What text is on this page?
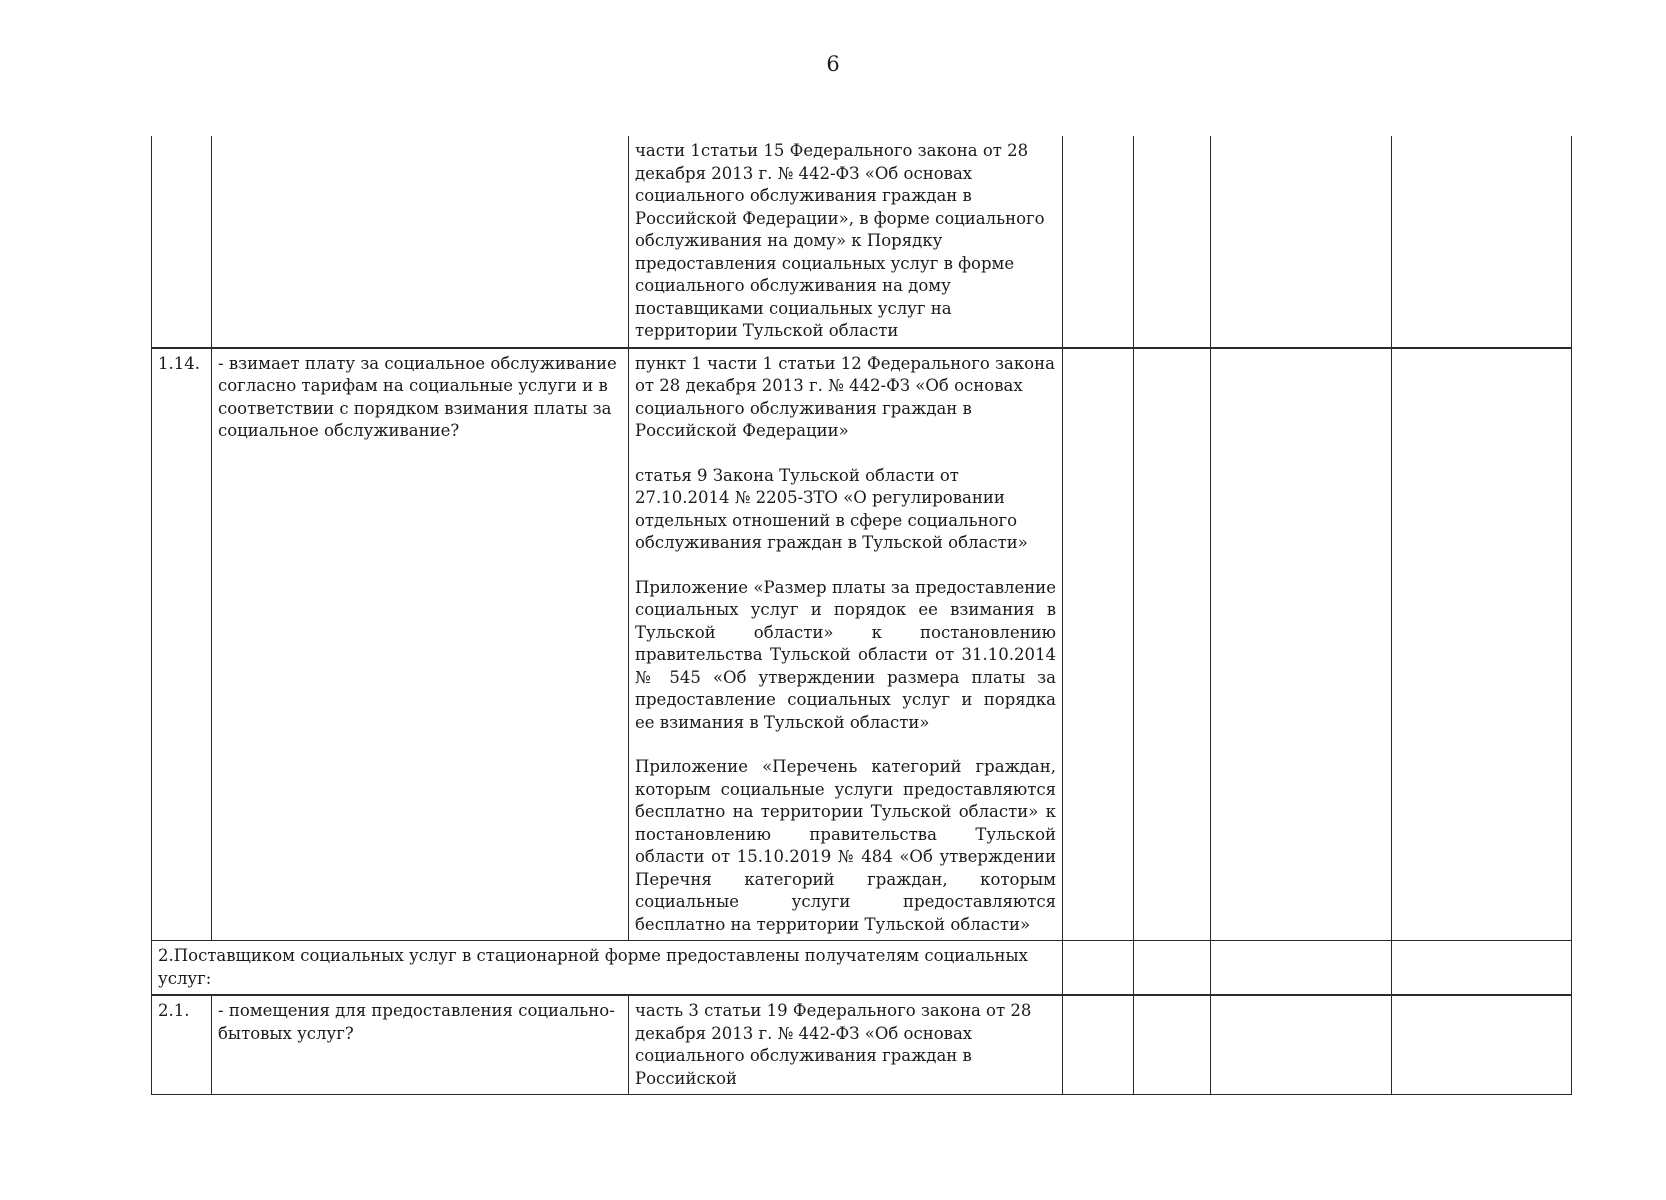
6
		части 1статьи 15 Федерального закона от 28 декабря 2013 г. № 442-ФЗ «Об основах социального обслуживания граждан в Российской Федерации», в форме социального обслуживания на дому» к Порядку предоставления социальных услуг в форме социального обслуживания на дому поставщиками социальных услуг на территории Тульской области				
1.14.	- взимает плату за социальное обслуживание согласно тарифам на социальные услуги и в соответствии с порядком взимания платы за социальное обслуживание?	пункт 1 части 1 статьи 12 Федерального закона от 28 декабря 2013 г. № 442-ФЗ «Об основах социального обслуживания граждан в Российской Федерации»

статья 9 Закона Тульской области от 27.10.2014 № 2205-ЗТО «О регулировании отдельных отношений в сфере социального обслуживания граждан в Тульской области»

Приложение «Размер платы за предоставление социальных услуг и порядок ее взимания в Тульской области» к постановлению правительства Тульской области от 31.10.2014 № 545 «Об утверждении размера платы за предоставление социальных услуг и порядка ее взимания в Тульской области»

Приложение «Перечень категорий граждан, которым социальные услуги предоставляются бесплатно на территории Тульской области» к постановлению правительства Тульской области от 15.10.2019 № 484 «Об утверждении Перечня категорий граждан, которым социальные услуги предоставляются бесплатно на территории Тульской области»				

2.Поставщиком социальных услуг в стационарной форме предоставлены получателям социальных услуг:						
2.1.	- помещения для предоставления социально-бытовых услуг?	часть 3 статьи 19 Федерального закона от 28 декабря 2013 г. № 442-ФЗ «Об основах социального обслуживания граждан в Российской				
